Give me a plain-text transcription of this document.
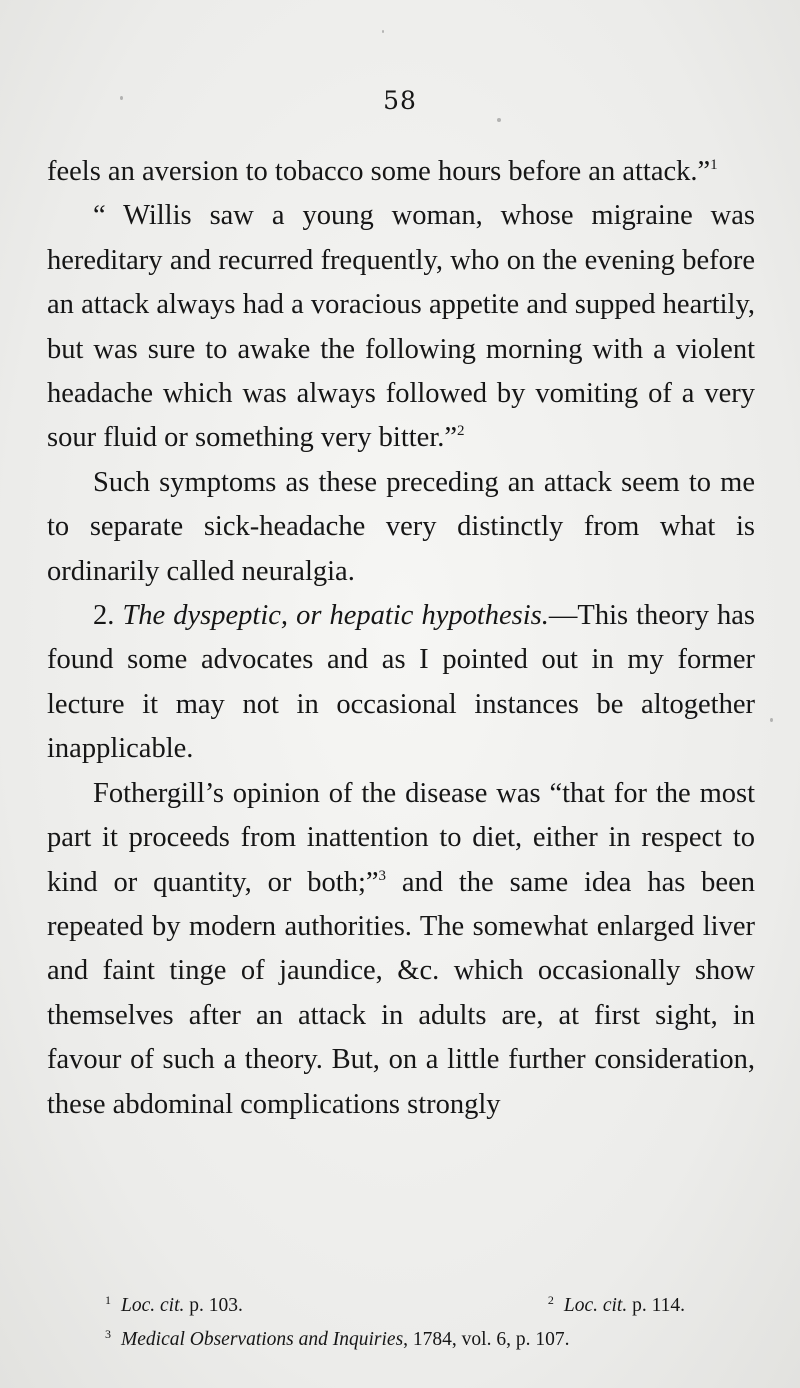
58

feels an aversion to tobacco some hours before an attack.”$^1$

“ Willis saw a young woman, whose migraine was hereditary and recurred frequently, who on the evening before an attack always had a voracious appetite and supped heartily, but was sure to awake the following morning with a violent headache which was always followed by vomiting of a very sour fluid or something very bitter.”$^2$

Such symptoms as these preceding an attack seem to me to separate sick-headache very distinctly from what is ordinarily called neuralgia.

2. The dyspeptic, or hepatic hypothesis.—This theory has found some advocates and as I pointed out in my former lecture it may not in occasional instances be altogether inapplicable.

Fothergill’s opinion of the disease was “that for the most part it proceeds from inattention to diet, either in respect to kind or quantity, or both;”$^3$ and the same idea has been repeated by modern authorities. The somewhat enlarged liver and faint tinge of jaundice, &c. which occasionally show themselves after an attack in adults are, at first sight, in favour of such a theory. But, on a little further consideration, these abdominal complications strongly

$^1$ Loc. cit. p. 103.	$^2$ Loc. cit. p. 114.
$^3$ Medical Observations and Inquiries, 1784, vol. 6, p. 107.
